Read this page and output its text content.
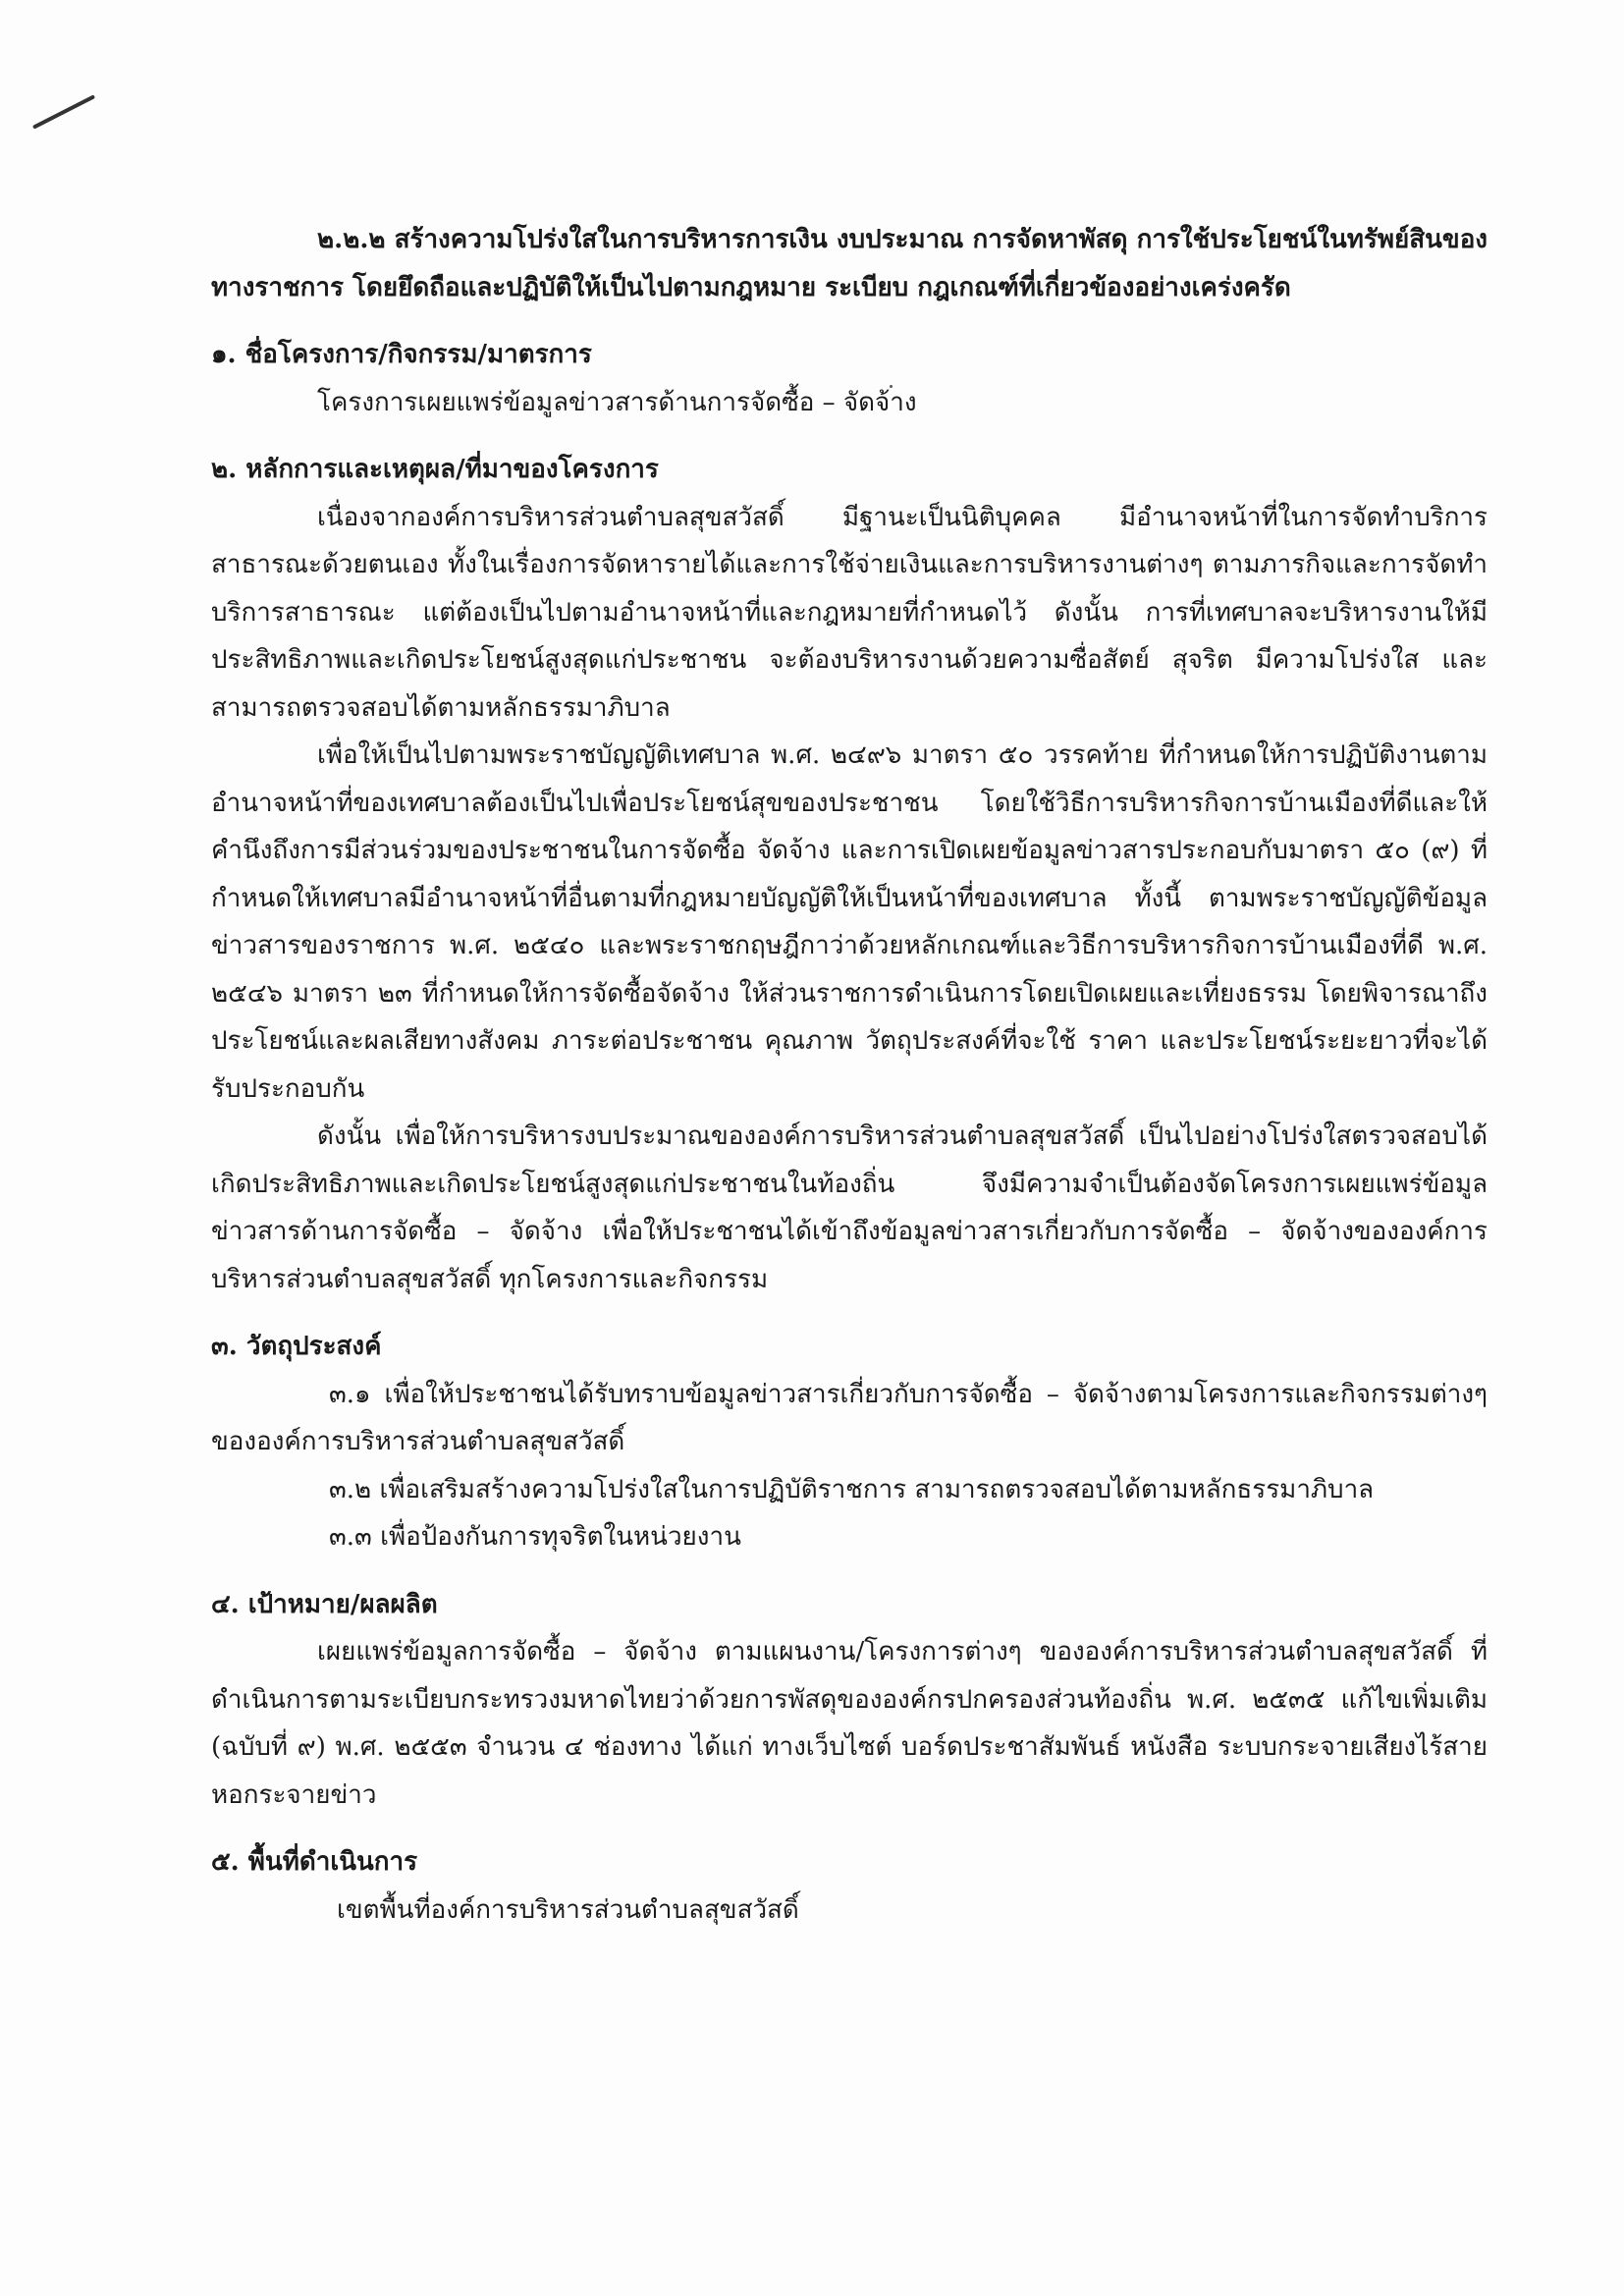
๒.๒.๒ สร้างความโปร่งใสในการบริหารการเงิน งบประมาณ การจัดหาพัสดุ การใช้ประโยชน์ในทรัพย์สินของทางราชการ โดยยึดถือและปฏิบัติให้เป็นไปตามกฎหมาย ระเบียบ กฎเกณฑ์ที่เกี่ยวข้องอย่างเคร่งครัด

๑. ชื่อโครงการ/กิจกรรม/มาตรการ

โครงการเผยแพร่ข้อมูลข่าวสารด้านการจัดซื้อ – จัดจ้าง

๒. หลักการและเหตุผล/ที่มาของโครงการ

เนื่องจากองค์การบริหารส่วนตำบลสุขสวัสดิ์ มีฐานะเป็นนิติบุคคล มีอำนาจหน้าที่ในการจัดทำบริการสาธารณะด้วยตนเอง ทั้งในเรื่องการจัดหารายได้และการใช้จ่ายเงินและการบริหารงานต่างๆ ตามภารกิจและการจัดทำบริการสาธารณะ แต่ต้องเป็นไปตามอำนาจหน้าที่และกฎหมายที่กำหนดไว้ ดังนั้น การที่เทศบาลจะบริหารงานให้มีประสิทธิภาพและเกิดประโยชน์สูงสุดแก่ประชาชน จะต้องบริหารงานด้วยความซื่อสัตย์ สุจริต มีความโปร่งใส และสามารถตรวจสอบได้ตามหลักธรรมาภิบาล

เพื่อให้เป็นไปตามพระราชบัญญัติเทศบาล พ.ศ. ๒๔๙๖ มาตรา ๕๐ วรรคท้าย ที่กำหนดให้การปฏิบัติงานตามอำนาจหน้าที่ของเทศบาลต้องเป็นไปเพื่อประโยชน์สุขของประชาชน โดยใช้วิธีการบริหารกิจการบ้านเมืองที่ดีและให้คำนึงถึงการมีส่วนร่วมของประชาชนในการจัดซื้อ จัดจ้าง และการเปิดเผยข้อมูลข่าวสารประกอบกับมาตรา ๕๐ (๙) ที่กำหนดให้เทศบาลมีอำนาจหน้าที่อื่นตามที่กฎหมายบัญญัติให้เป็นหน้าที่ของเทศบาล ทั้งนี้ ตามพระราชบัญญัติข้อมูลข่าวสารของราชการ พ.ศ. ๒๕๔๐ และพระราชกฤษฎีกาว่าด้วยหลักเกณฑ์และวิธีการบริหารกิจการบ้านเมืองที่ดี พ.ศ. ๒๕๔๖ มาตรา ๒๓ ที่กำหนดให้การจัดซื้อจัดจ้าง ให้ส่วนราชการดำเนินการโดยเปิดเผยและเที่ยงธรรม โดยพิจารณาถึงประโยชน์และผลเสียทางสังคม ภาระต่อประชาชน คุณภาพ วัตถุประสงค์ที่จะใช้ ราคา และประโยชน์ระยะยาวที่จะได้รับประกอบกัน

ดังนั้น เพื่อให้การบริหารงบประมาณขององค์การบริหารส่วนตำบลสุขสวัสดิ์ เป็นไปอย่างโปร่งใสตรวจสอบได้ เกิดประสิทธิภาพและเกิดประโยชน์สูงสุดแก่ประชาชนในท้องถิ่น จึงมีความจำเป็นต้องจัดโครงการเผยแพร่ข้อมูลข่าวสารด้านการจัดซื้อ – จัดจ้าง เพื่อให้ประชาชนได้เข้าถึงข้อมูลข่าวสารเกี่ยวกับการจัดซื้อ – จัดจ้างขององค์การบริหารส่วนตำบลสุขสวัสดิ์ ทุกโครงการและกิจกรรม

๓. วัตถุประสงค์

๓.๑ เพื่อให้ประชาชนได้รับทราบข้อมูลข่าวสารเกี่ยวกับการจัดซื้อ – จัดจ้างตามโครงการและกิจกรรมต่างๆ ขององค์การบริหารส่วนตำบลสุขสวัสดิ์

๓.๒ เพื่อเสริมสร้างความโปร่งใสในการปฏิบัติราชการ สามารถตรวจสอบได้ตามหลักธรรมาภิบาล

๓.๓ เพื่อป้องกันการทุจริตในหน่วยงาน

๔. เป้าหมาย/ผลผลิต

เผยแพร่ข้อมูลการจัดซื้อ – จัดจ้าง ตามแผนงาน/โครงการต่างๆ ขององค์การบริหารส่วนตำบลสุขสวัสดิ์ ที่ดำเนินการตามระเบียบกระทรวงมหาดไทยว่าด้วยการพัสดุขององค์กรปกครองส่วนท้องถิ่น พ.ศ. ๒๕๓๕ แก้ไขเพิ่มเติม (ฉบับที่ ๙) พ.ศ. ๒๕๕๓ จำนวน ๔ ช่องทาง ได้แก่ ทางเว็บไซต์ บอร์ดประชาสัมพันธ์ หนังสือ ระบบกระจายเสียงไร้สาย หอกระจายข่าว

๕. พื้นที่ดำเนินการ

เขตพื้นที่องค์การบริหารส่วนตำบลสุขสวัสดิ์
